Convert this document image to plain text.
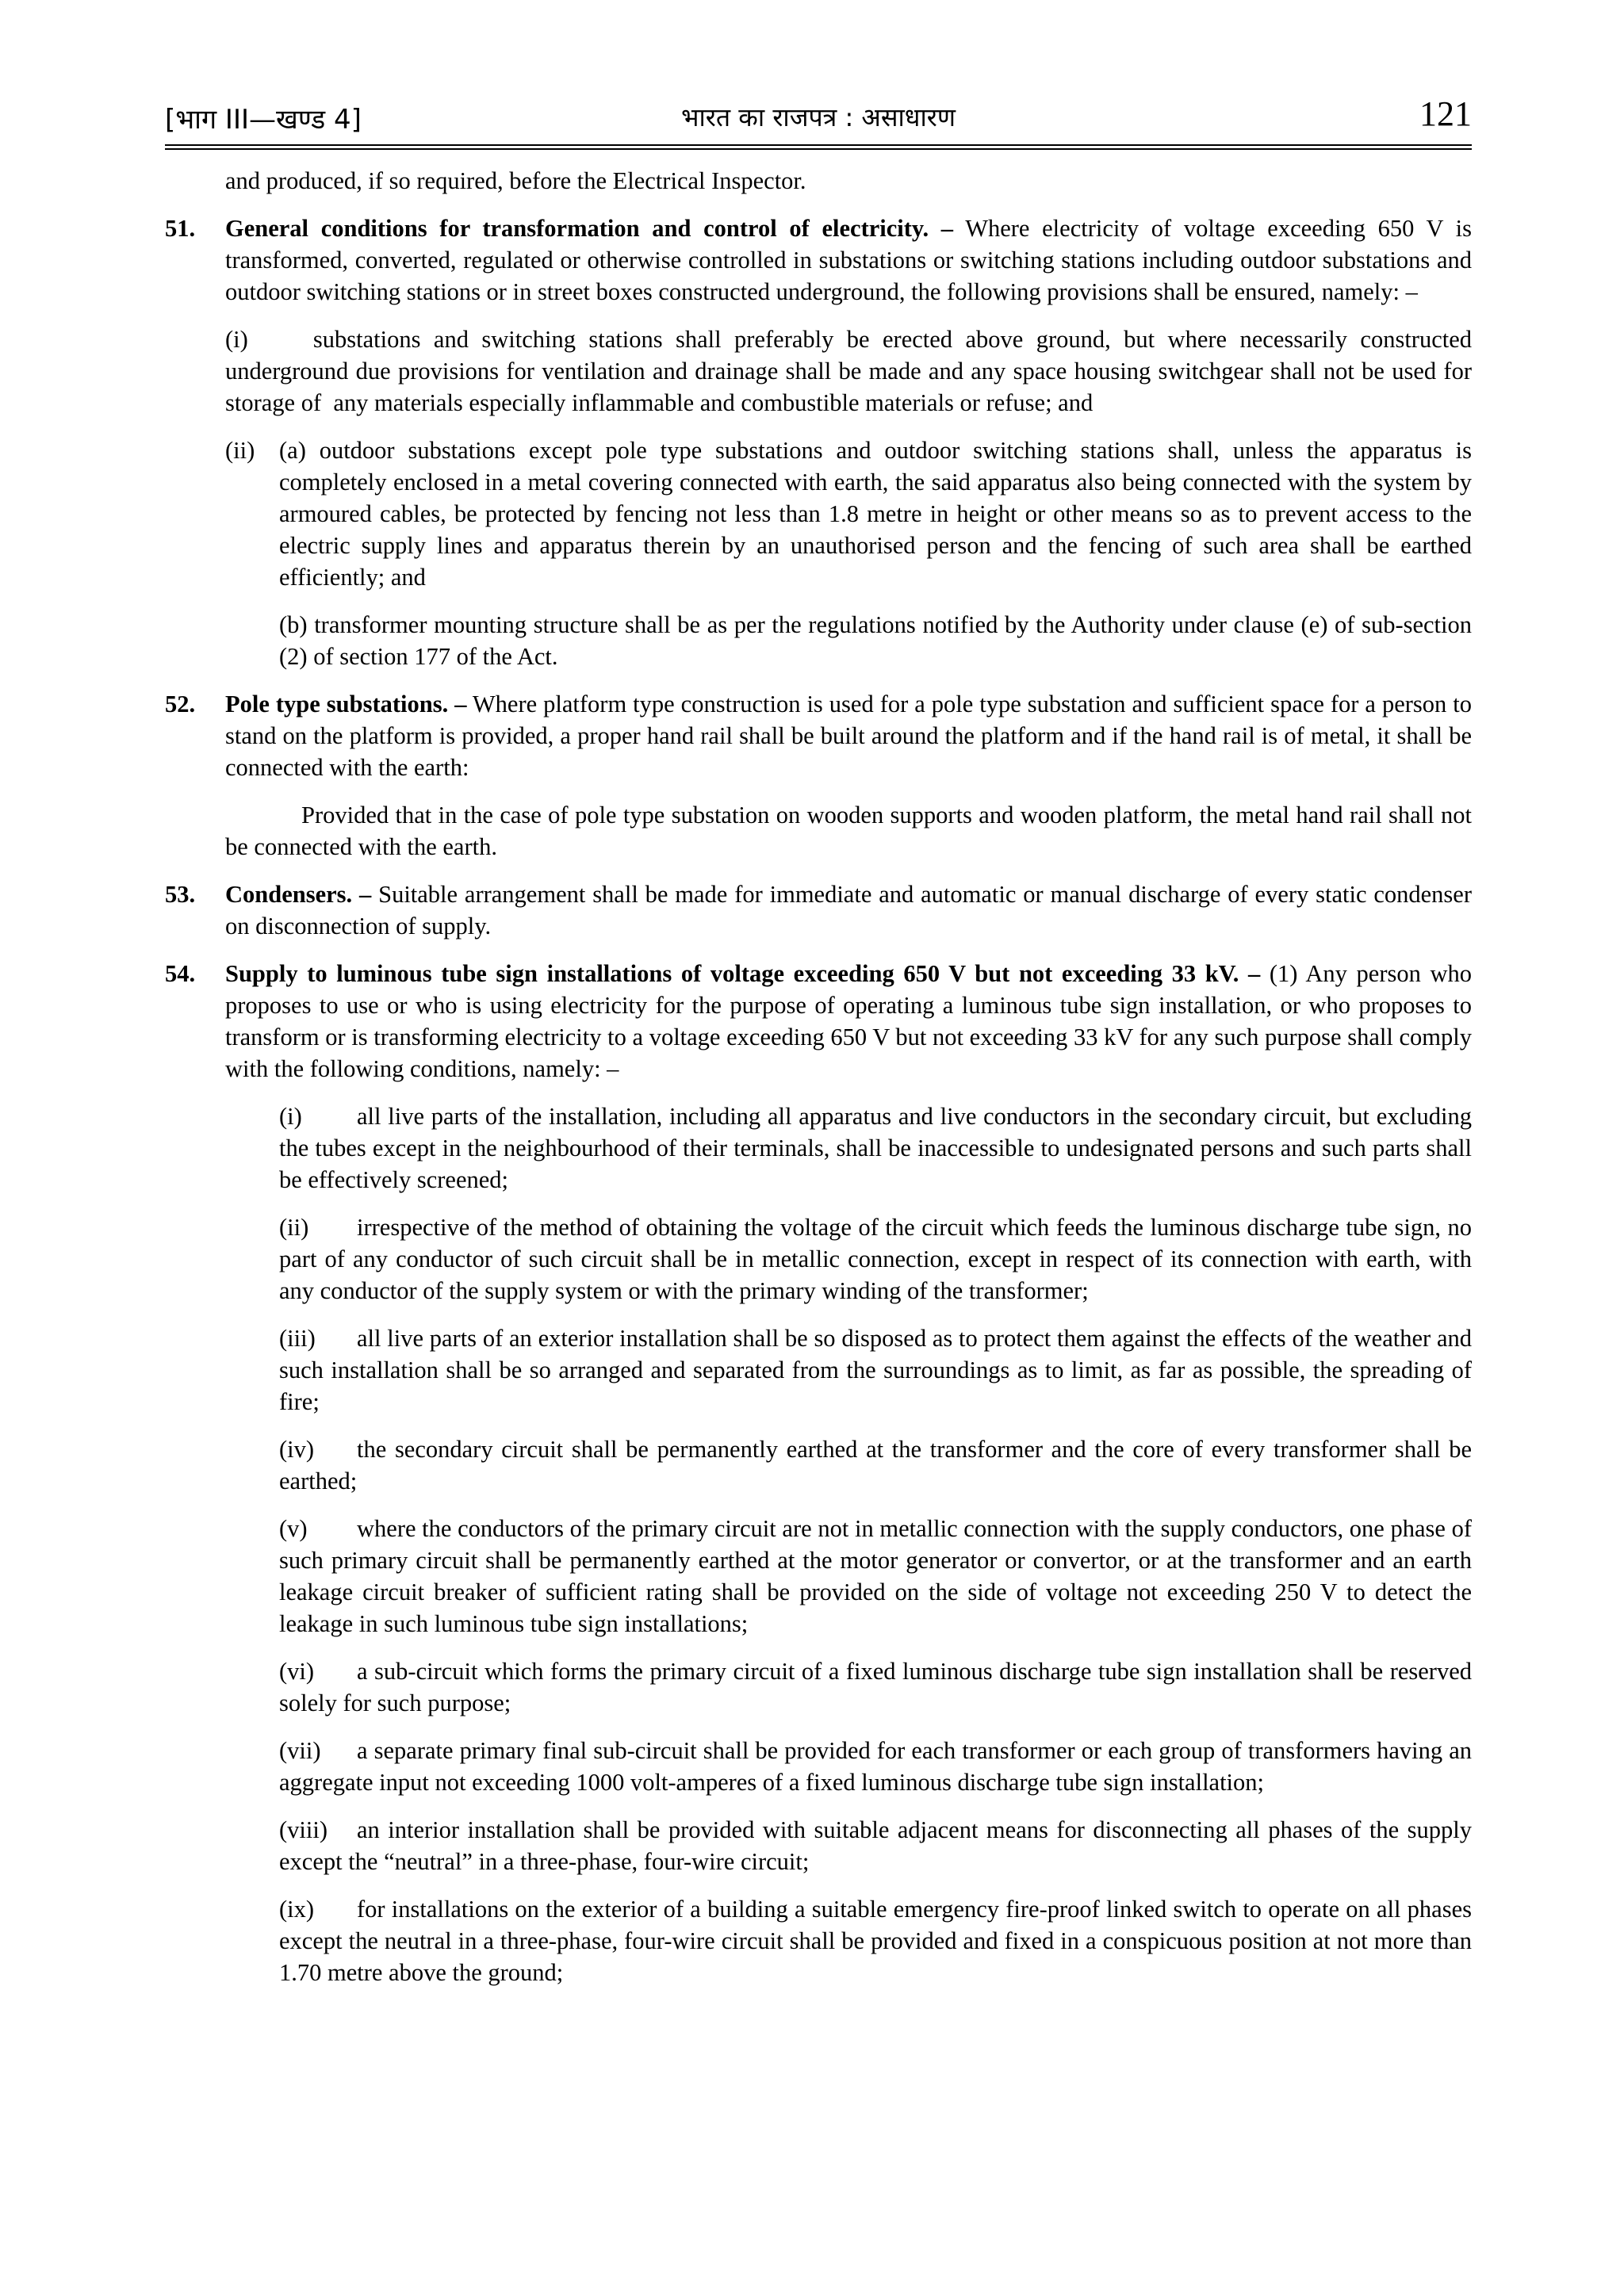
[भाग III—खण्ड 4]	भारत का राजपत्र : असाधारण	121

and produced, if so required, before the Electrical Inspector.

51. General conditions for transformation and control of electricity. – Where electricity of voltage exceeding 650 V is transformed, converted, regulated or otherwise controlled in substations or switching stations including outdoor substations and outdoor switching stations or in street boxes constructed underground, the following provisions shall be ensured, namely: –

(i)     substations and switching stations shall preferably be erected above ground, but where necessarily constructed underground due provisions for ventilation and drainage shall be made and any space housing switchgear shall not be used for storage of  any materials especially inflammable and combustible materials or refuse; and

(ii) (a) outdoor substations except pole type substations and outdoor switching stations shall, unless the apparatus is completely enclosed in a metal covering connected with earth, the said apparatus also being connected with the system by armoured cables, be protected by fencing not less than 1.8 metre in height or other means so as to prevent access to the electric supply lines and apparatus therein by an unauthorised person and the fencing of such area shall be earthed efficiently; and

(b) transformer mounting structure shall be as per the regulations notified by the Authority under clause (e) of sub-section (2) of section 177 of the Act.

52. Pole type substations. – Where platform type construction is used for a pole type substation and sufficient space for a person to stand on the platform is provided, a proper hand rail shall be built around the platform and if the hand rail is of metal, it shall be connected with the earth:

Provided that in the case of pole type substation on wooden supports and wooden platform, the metal hand rail shall not be connected with the earth.

53. Condensers. – Suitable arrangement shall be made for immediate and automatic or manual discharge of every static condenser on disconnection of supply.
54. Supply to luminous tube sign installations of voltage exceeding 650 V but not exceeding 33 kV. – (1) Any person who proposes to use or who is using electricity for the purpose of operating a luminous tube sign installation, or who proposes to transform or is transforming electricity to a voltage exceeding 650 V but not exceeding 33 kV for any such purpose shall comply with the following conditions, namely: –

(i) all live parts of the installation, including all apparatus and live conductors in the secondary circuit, but excluding the tubes except in the neighbourhood of their terminals, shall be inaccessible to undesignated persons and such parts shall be effectively screened;

(ii) irrespective of the method of obtaining the voltage of the circuit which feeds the luminous discharge tube sign, no part of any conductor of such circuit shall be in metallic connection, except in respect of its connection with earth, with any conductor of the supply system or with the primary winding of the transformer;

(iii) all live parts of an exterior installation shall be so disposed as to protect them against the effects of the weather and such installation shall be so arranged and separated from the surroundings as to limit, as far as possible, the spreading of fire;

(iv) the secondary circuit shall be permanently earthed at the transformer and the core of every transformer shall be earthed;

(v) where the conductors of the primary circuit are not in metallic connection with the supply conductors, one phase of such primary circuit shall be permanently earthed at the motor generator or convertor, or at the transformer and an earth leakage circuit breaker of sufficient rating shall be provided on the side of voltage not exceeding 250 V to detect the leakage in such luminous tube sign installations;

(vi) a sub-circuit which forms the primary circuit of a fixed luminous discharge tube sign installation shall be reserved solely for such purpose;

(vii) a separate primary final sub-circuit shall be provided for each transformer or each group of transformers having an aggregate input not exceeding 1000 volt-amperes of a fixed luminous discharge tube sign installation;

(viii) an interior installation shall be provided with suitable adjacent means for disconnecting all phases of the supply except the “neutral” in a three-phase, four-wire circuit;

(ix) for installations on the exterior of a building a suitable emergency fire-proof linked switch to operate on all phases except the neutral in a three-phase, four-wire circuit shall be provided and fixed in a conspicuous position at not more than 1.70 metre above the ground;
